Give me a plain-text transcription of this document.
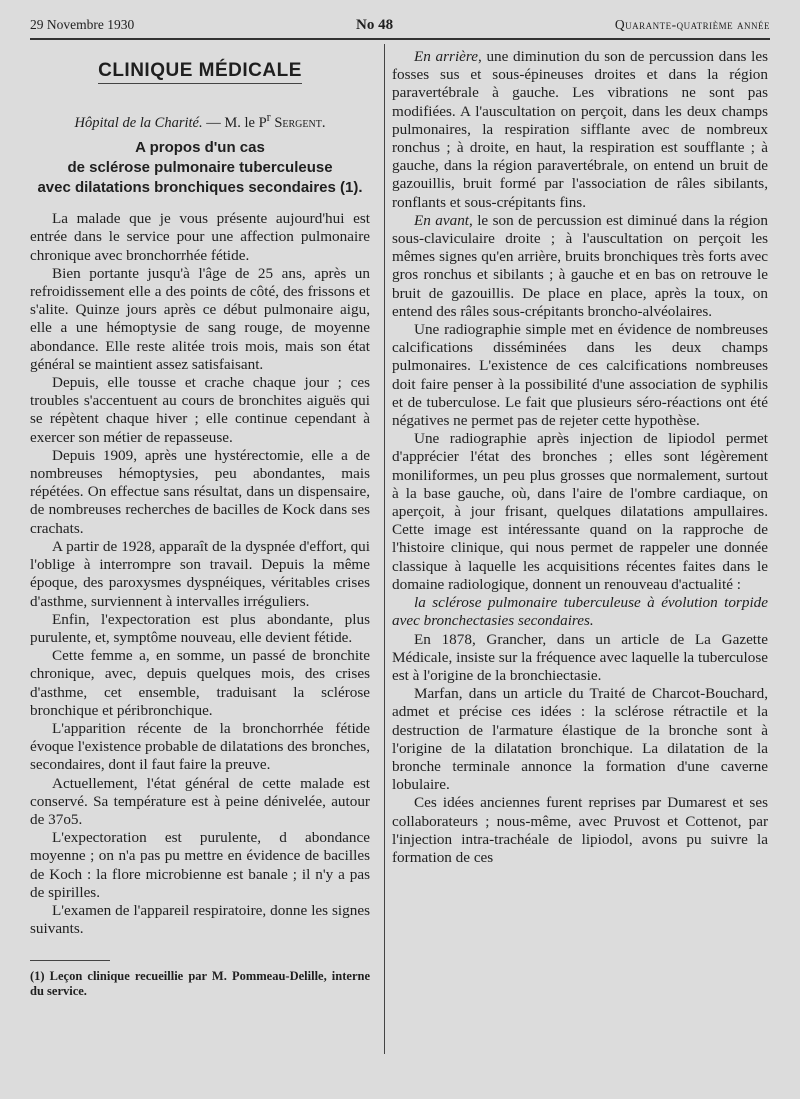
29 Novembre 1930	No 48	Quarante-quatrième année
CLINIQUE MÉDICALE
Hôpital de la Charité. — M. le $P^r$ Sergent.
A propos d'un cas
de sclérose pulmonaire tuberculeuse
avec dilatations bronchiques secondaires (1).

La malade que je vous présente aujourd'hui est entrée dans le service pour une affection pulmonaire chronique avec bronchorrhée fétide.

Bien portante jusqu'à l'âge de 25 ans, après un refroidissement elle a des points de côté, des frissons et s'alite. Quinze jours après ce début pulmonaire aigu, elle a une hémoptysie de sang rouge, de moyenne abondance. Elle reste alitée trois mois, mais son état général se maintient assez satisfaisant.

Depuis, elle tousse et crache chaque jour ; ces troubles s'accentuent au cours de bronchites aiguës qui se répètent chaque hiver ; elle continue cependant à exercer son métier de repasseuse.

Depuis 1909, après une hystérectomie, elle a de nombreuses hémoptysies, peu abondantes, mais répétées. On effectue sans résultat, dans un dispensaire, de nombreuses recherches de bacilles de Kock dans ses crachats.

A partir de 1928, apparaît de la dyspnée d'effort, qui l'oblige à interrompre son travail. Depuis la même époque, des paroxysmes dyspnéiques, véritables crises d'asthme, surviennent à intervalles irréguliers.

Enfin, l'expectoration est plus abondante, plus purulente, et, symptôme nouveau, elle devient fétide.

Cette femme a, en somme, un passé de bronchite chronique, avec, depuis quelques mois, des crises d'asthme, cet ensemble, traduisant la sclérose bronchique et péribronchique.

L'apparition récente de la bronchorrhée fétide évoque l'existence probable de dilatations des bronches, secondaires, dont il faut faire la preuve.

Actuellement, l'état général de cette malade est conservé. Sa température est à peine dénivelée, autour de 37o5.

L'expectoration est purulente, d abondance moyenne ; on n'a pas pu mettre en évidence de bacilles de Koch : la flore microbienne est banale ; il n'y a pas de spirilles.

L'examen de l'appareil respiratoire, donne les signes suivants.

(1) Leçon clinique recueillie par M. Pommeau-Delille, interne du service.

En arrière, une diminution du son de percussion dans les fosses sus et sous-épineuses droites et dans la région paravertébrale à gauche. Les vibrations ne sont pas modifiées. A l'auscultation on perçoit, dans les deux champs pulmonaires, la respiration sifflante avec de nombreux ronchus ; à droite, en haut, la respiration est soufflante ; à gauche, dans la région paravertébrale, on entend un bruit de gazouillis, bruit formé par l'association de râles sibilants, ronflants et sous-crépitants fins.

En avant, le son de percussion est diminué dans la région sous-claviculaire droite ; à l'auscultation on perçoit les mêmes signes qu'en arrière, bruits bronchiques très forts avec gros ronchus et sibilants ; à gauche et en bas on retrouve le bruit de gazouillis. De place en place, après la toux, on entend des râles sous-crépitants broncho-alvéolaires.

Une radiographie simple met en évidence de nombreuses calcifications disséminées dans les deux champs pulmonaires. L'existence de ces calcifications nombreuses doit faire penser à la possibilité d'une association de syphilis et de tuberculose. Le fait que plusieurs séro-réactions ont été négatives ne permet pas de rejeter cette hypothèse.

Une radiographie après injection de lipiodol permet d'apprécier l'état des bronches ; elles sont légèrement moniliformes, un peu plus grosses que normalement, surtout à la base gauche, où, dans l'aire de l'ombre cardiaque, on aperçoit, à jour frisant, quelques dilatations ampullaires. Cette image est intéressante quand on la rapproche de l'histoire clinique, qui nous permet de rappeler une donnée classique à laquelle les acquisitions récentes faites dans le domaine radiologique, donnent un renouveau d'actualité :

la sclérose pulmonaire tuberculeuse à évolution torpide avec bronchectasies secondaires.

En 1878, Grancher, dans un article de La Gazette Médicale, insiste sur la fréquence avec laquelle la tuberculose est à l'origine de la bronchiectasie.

Marfan, dans un article du Traité de Charcot-Bouchard, admet et précise ces idées : la sclérose rétractile et la destruction de l'armature élastique de la bronche sont à l'origine de la dilatation bronchique. La dilatation de la bronche terminale annonce la formation d'une caverne lobulaire.

Ces idées anciennes furent reprises par Dumarest et ses collaborateurs ; nous-même, avec Pruvost et Cottenot, par l'injection intra-trachéale de lipiodol, avons pu suivre la formation de ces
